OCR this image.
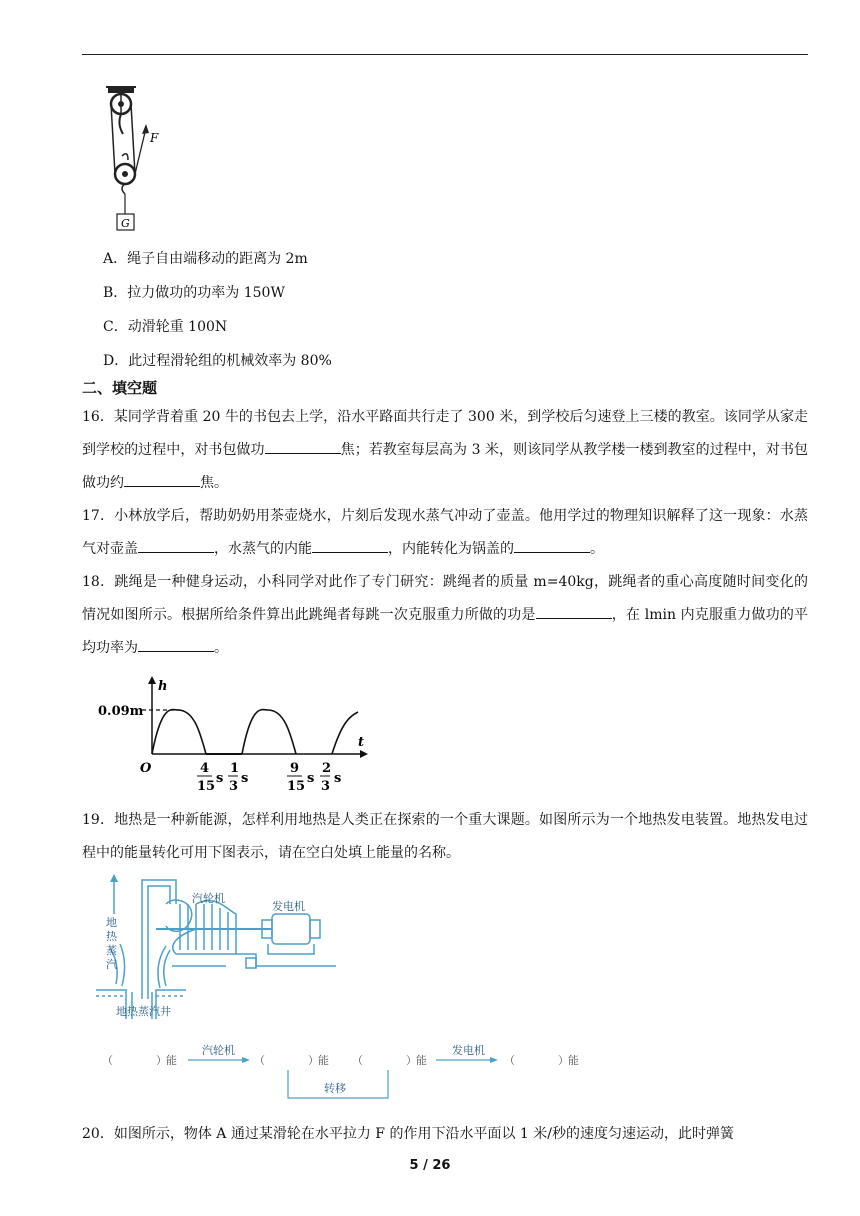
F
G
A．绳子自由端移动的距离为 2m
B．拉力做功的功率为 150W
C．动滑轮重 100N
D．此过程滑轮组的机械效率为 80%
二、填空题
16．某同学背着重 20 牛的书包去上学，沿水平路面共行走了 300 米，到学校后匀速登上三楼的教室。该同学从家走到学校的过程中，对书包做功	焦；若教室每层高为 3 米，则该同学从教学楼一楼到教室的过程中，对书包做功约	焦。
17．小林放学后，帮助奶奶用茶壶烧水，片刻后发现水蒸气冲动了壶盖。他用学过的物理知识解释了这一现象：水蒸气对壶盖	，水蒸气的内能	，内能转化为锅盖的	。
18．跳绳是一种健身运动，小科同学对此作了专门研究：跳绳者的质量 m=40kg，跳绳者的重心高度随时间变化的情况如图所示。根据所给条件算出此跳绳者每跳一次克服重力所做的功是	，在 lmin 内克服重力做功的平均功率为	。
h
t
O
0.09m
4
15
s
1
3
s
9
15
s
2
3
s
19．地热是一种新能源，怎样利用地热是人类正在探索的一个重大课题。如图所示为一个地热发电装置。地热发电过程中的能量转化可用下图表示，请在空白处填上能量的名称。
地
热
蒸
汽
汽轮机
发电机
地热蒸汽井
（	） 能
汽轮机
（	） 能 （	） 能
发电机
（	） 能
转移
20．如图所示，物体 A 通过某滑轮在水平拉力 F 的作用下沿水平面以 1 米/秒的速度匀速运动，此时弹簧
5 / 26
